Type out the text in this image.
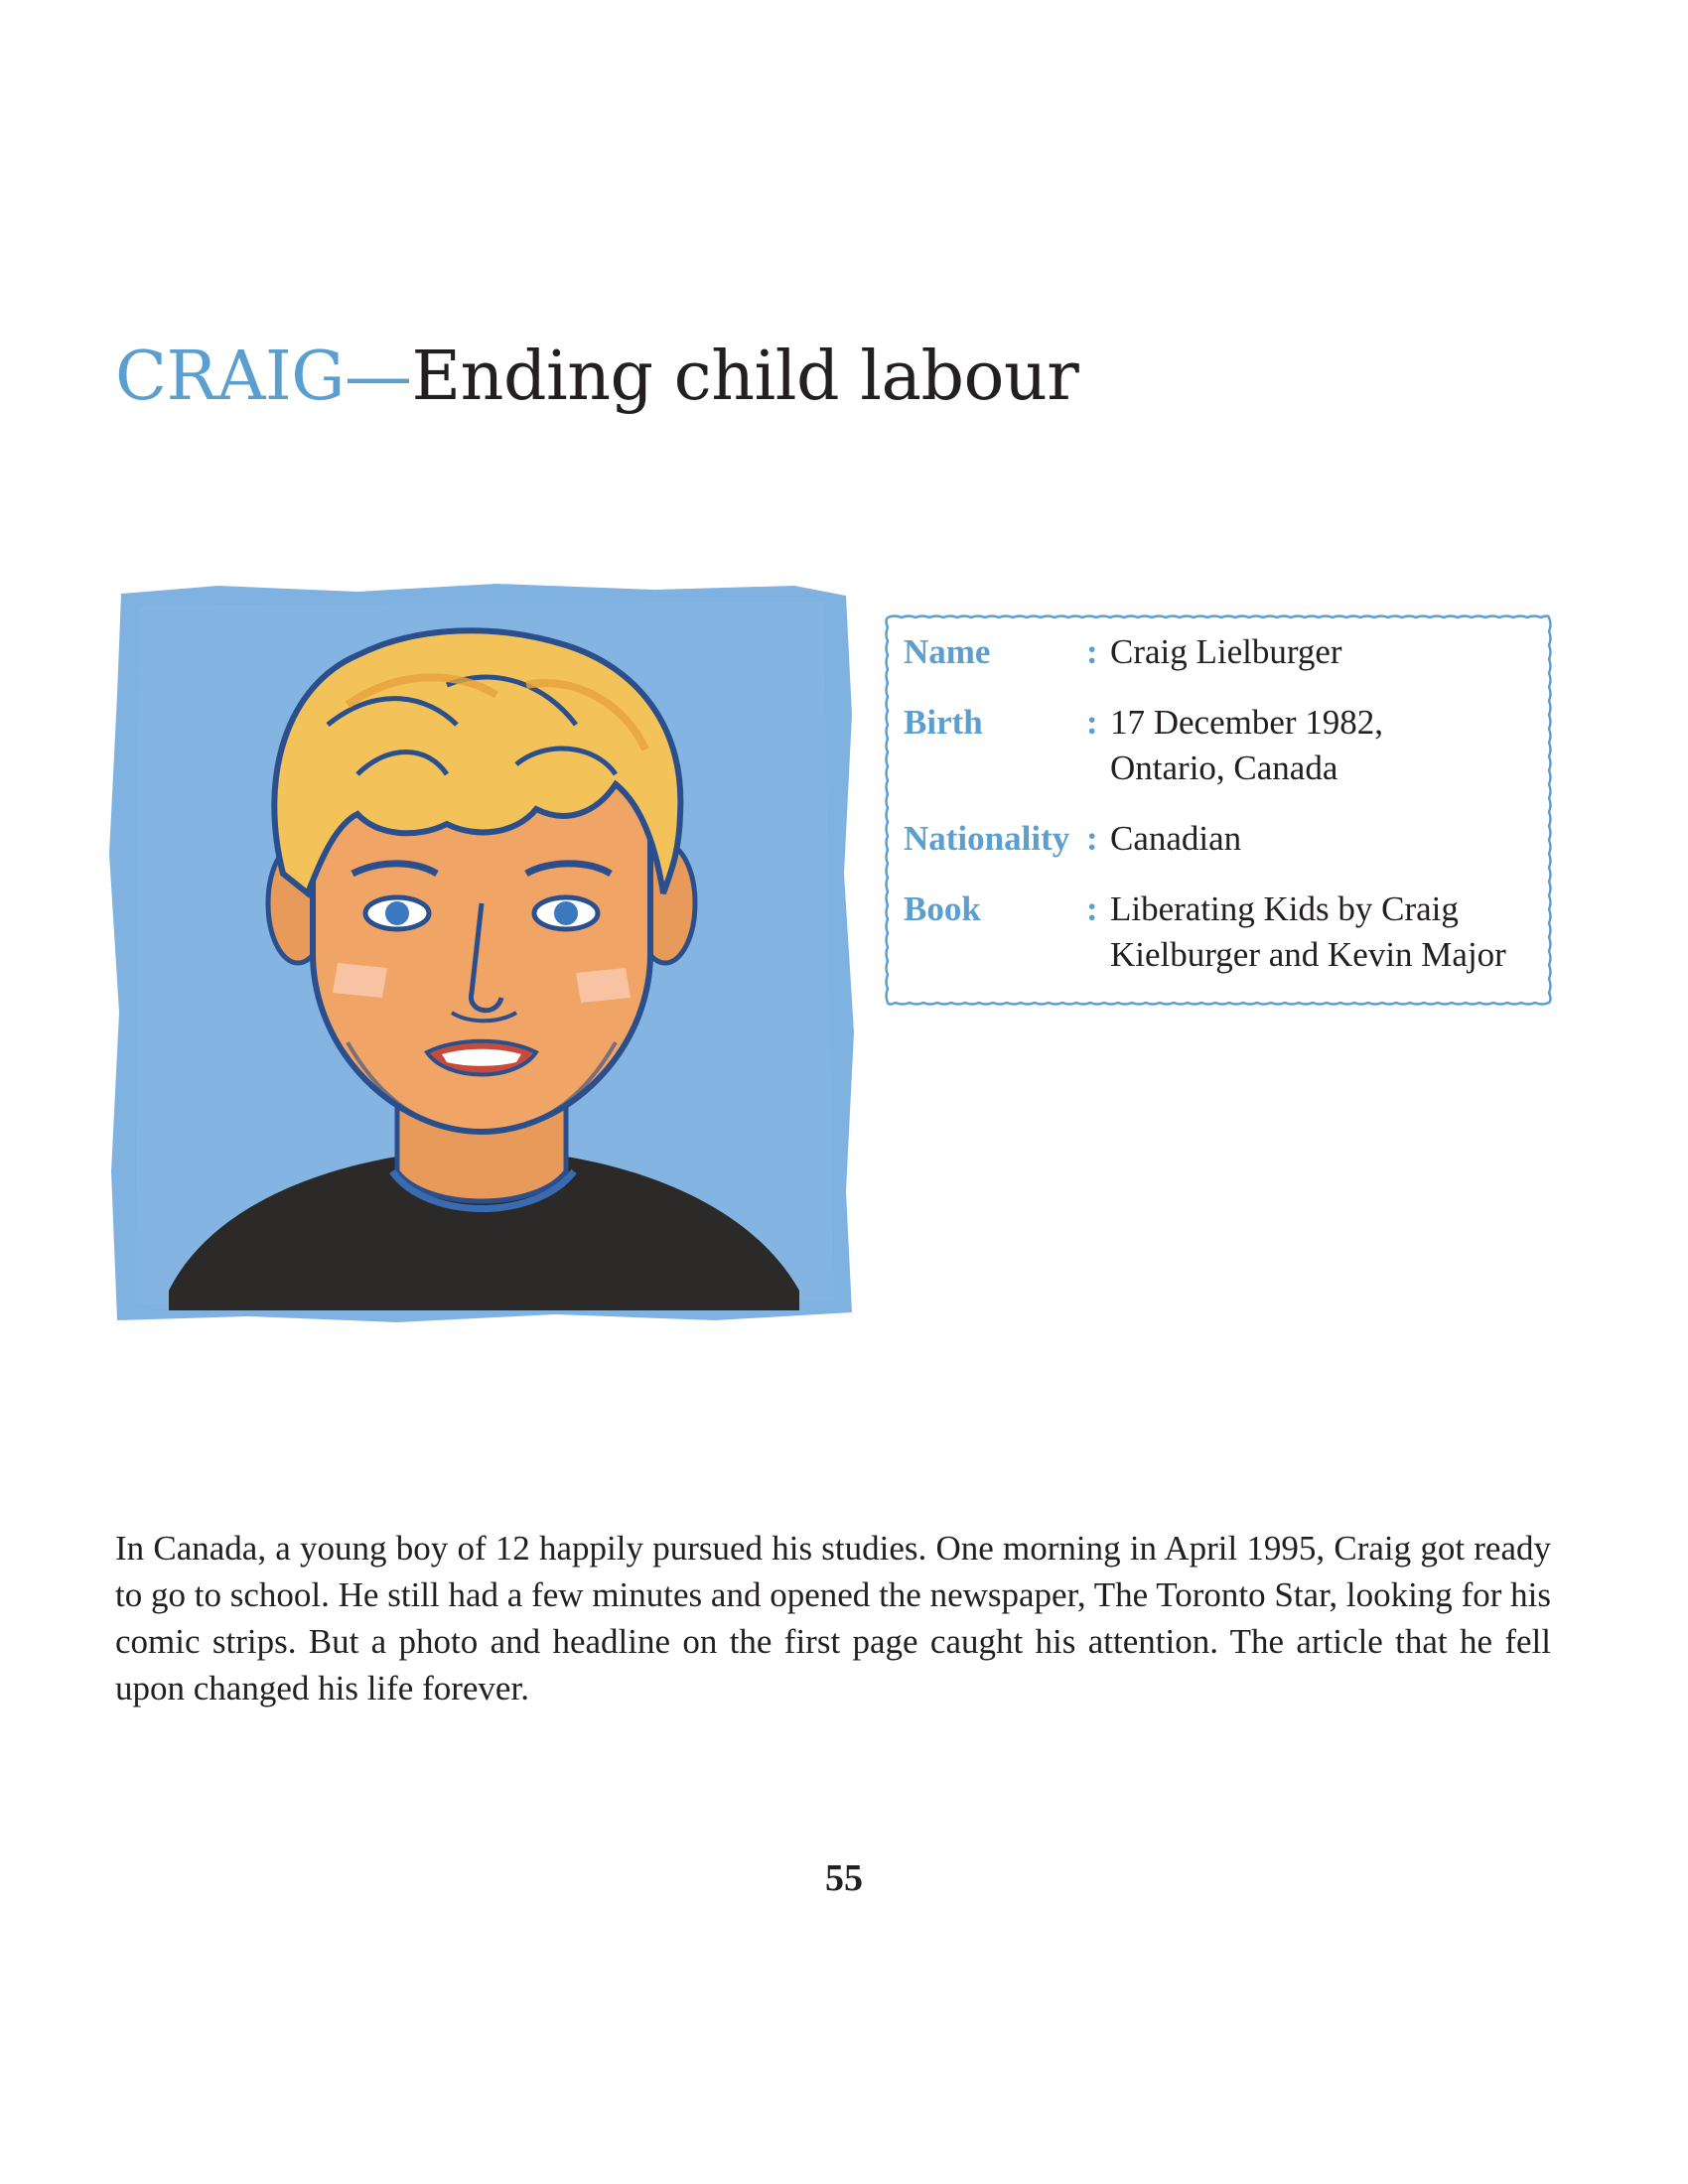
CRAIG—Ending child labour
Name	: Craig Lielburger
Birth	: 17 December 1982,
Ontario, Canada
Nationality : Canadian
Book	: Liberating Kids by Craig
Kielburger and Kevin Major

In Canada, a young boy of 12 happily pursued his studies. One morning in April 1995, Craig got ready to go to school. He still had a few minutes and opened the newspaper, The Toronto Star, looking for his comic strips. But a photo and headline on the first page caught his attention. The article that he fell upon changed his life forever.

55
